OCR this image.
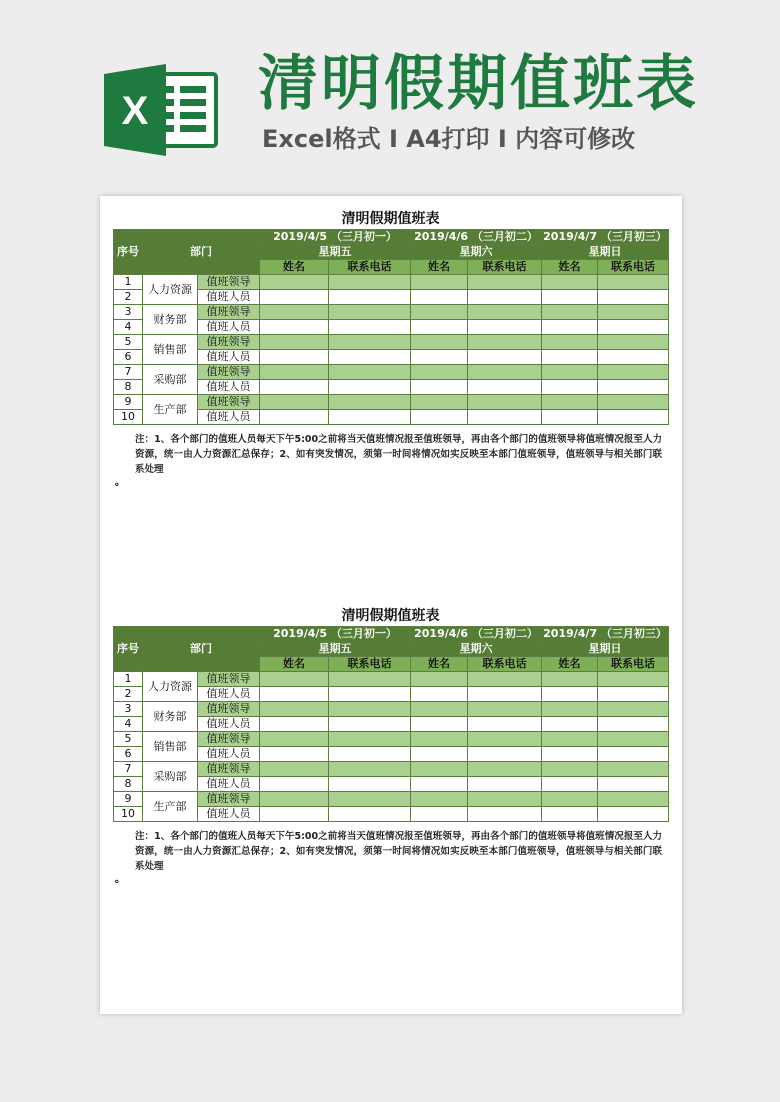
X 清明假期值班表
Excel格式 I A4打印 I 内容可修改
清明假期值班表
序号	部门		2019/4/5 （三月初一）		2019/4/6 （三月初二）		2019/4/7 （三月初三）	
			星期五		星期六		星期日	
			姓名	联系电话	姓名	联系电话	姓名	联系电话
1	人力资源	值班领导						
2		值班人员						
3	财务部	值班领导						
4		值班人员						
5	销售部	值班领导						
6		值班人员						
7	采购部	值班领导						
8		值班人员						
9	生产部	值班领导						
10		值班人员						
注：1、各个部门的值班人员每天下午5:00之前将当天值班情况报至值班领导，再由各个部门的值班领导将值班情况报至人力资源，统一由人力资源汇总保存；2、如有突发情况，须第一时间将情况如实反映至本部门值班领导，值班领导与相关部门联系处理
。
清明假期值班表
序号	部门		2019/4/5 （三月初一）		2019/4/6 （三月初二）		2019/4/7 （三月初三）	
			星期五		星期六		星期日	
			姓名	联系电话	姓名	联系电话	姓名	联系电话
1	人力资源	值班领导						
2		值班人员						
3	财务部	值班领导						
4		值班人员						
5	销售部	值班领导						
6		值班人员						
7	采购部	值班领导						
8		值班人员						
9	生产部	值班领导						
10		值班人员						
注：1、各个部门的值班人员每天下午5:00之前将当天值班情况报至值班领导，再由各个部门的值班领导将值班情况报至人力资源，统一由人力资源汇总保存；2、如有突发情况，须第一时间将情况如实反映至本部门值班领导，值班领导与相关部门联系处理
。
